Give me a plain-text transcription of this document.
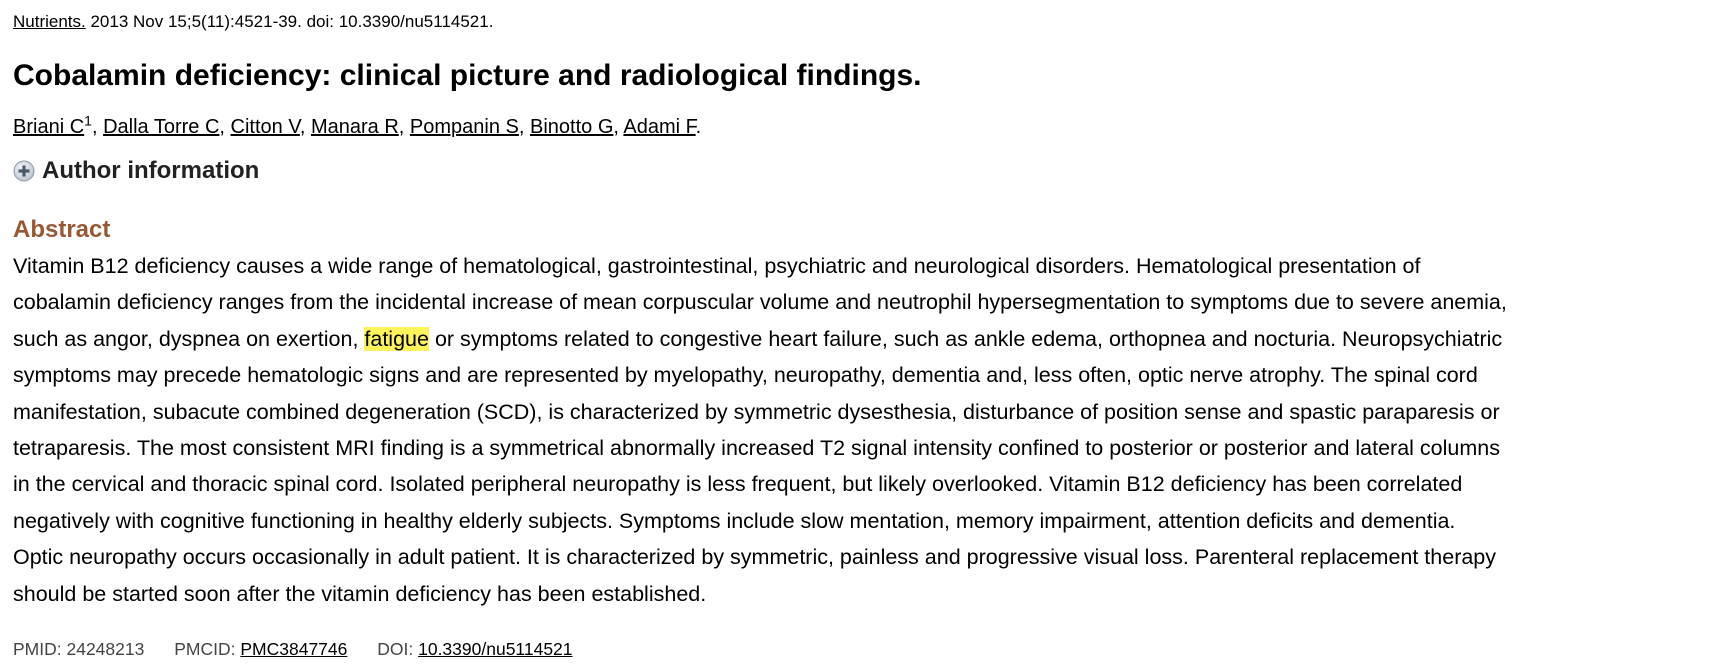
Nutrients. 2013 Nov 15;5(11):4521-39. doi: 10.3390/nu5114521.
Cobalamin deficiency: clinical picture and radiological findings.
Briani $C^1$, Dalla Torre C, Citton V, Manara R, Pompanin S, Binotto G, Adami F.
Author information
Abstract
Vitamin B12 deficiency causes a wide range of hematological, gastrointestinal, psychiatric and neurological disorders. Hematological presentation of
cobalamin deficiency ranges from the incidental increase of mean corpuscular volume and neutrophil hypersegmentation to symptoms due to severe anemia,
such as angor, dyspnea on exertion, fatigue or symptoms related to congestive heart failure, such as ankle edema, orthopnea and nocturia. Neuropsychiatric
symptoms may precede hematologic signs and are represented by myelopathy, neuropathy, dementia and, less often, optic nerve atrophy. The spinal cord
manifestation, subacute combined degeneration (SCD), is characterized by symmetric dysesthesia, disturbance of position sense and spastic paraparesis or
tetraparesis. The most consistent MRI finding is a symmetrical abnormally increased T2 signal intensity confined to posterior or posterior and lateral columns
in the cervical and thoracic spinal cord. Isolated peripheral neuropathy is less frequent, but likely overlooked. Vitamin B12 deficiency has been correlated
negatively with cognitive functioning in healthy elderly subjects. Symptoms include slow mentation, memory impairment, attention deficits and dementia.
Optic neuropathy occurs occasionally in adult patient. It is characterized by symmetric, painless and progressive visual loss. Parenteral replacement therapy
should be started soon after the vitamin deficiency has been established.
PMID: 24248213 PMCID: PMC3847746 DOI: 10.3390/nu5114521
